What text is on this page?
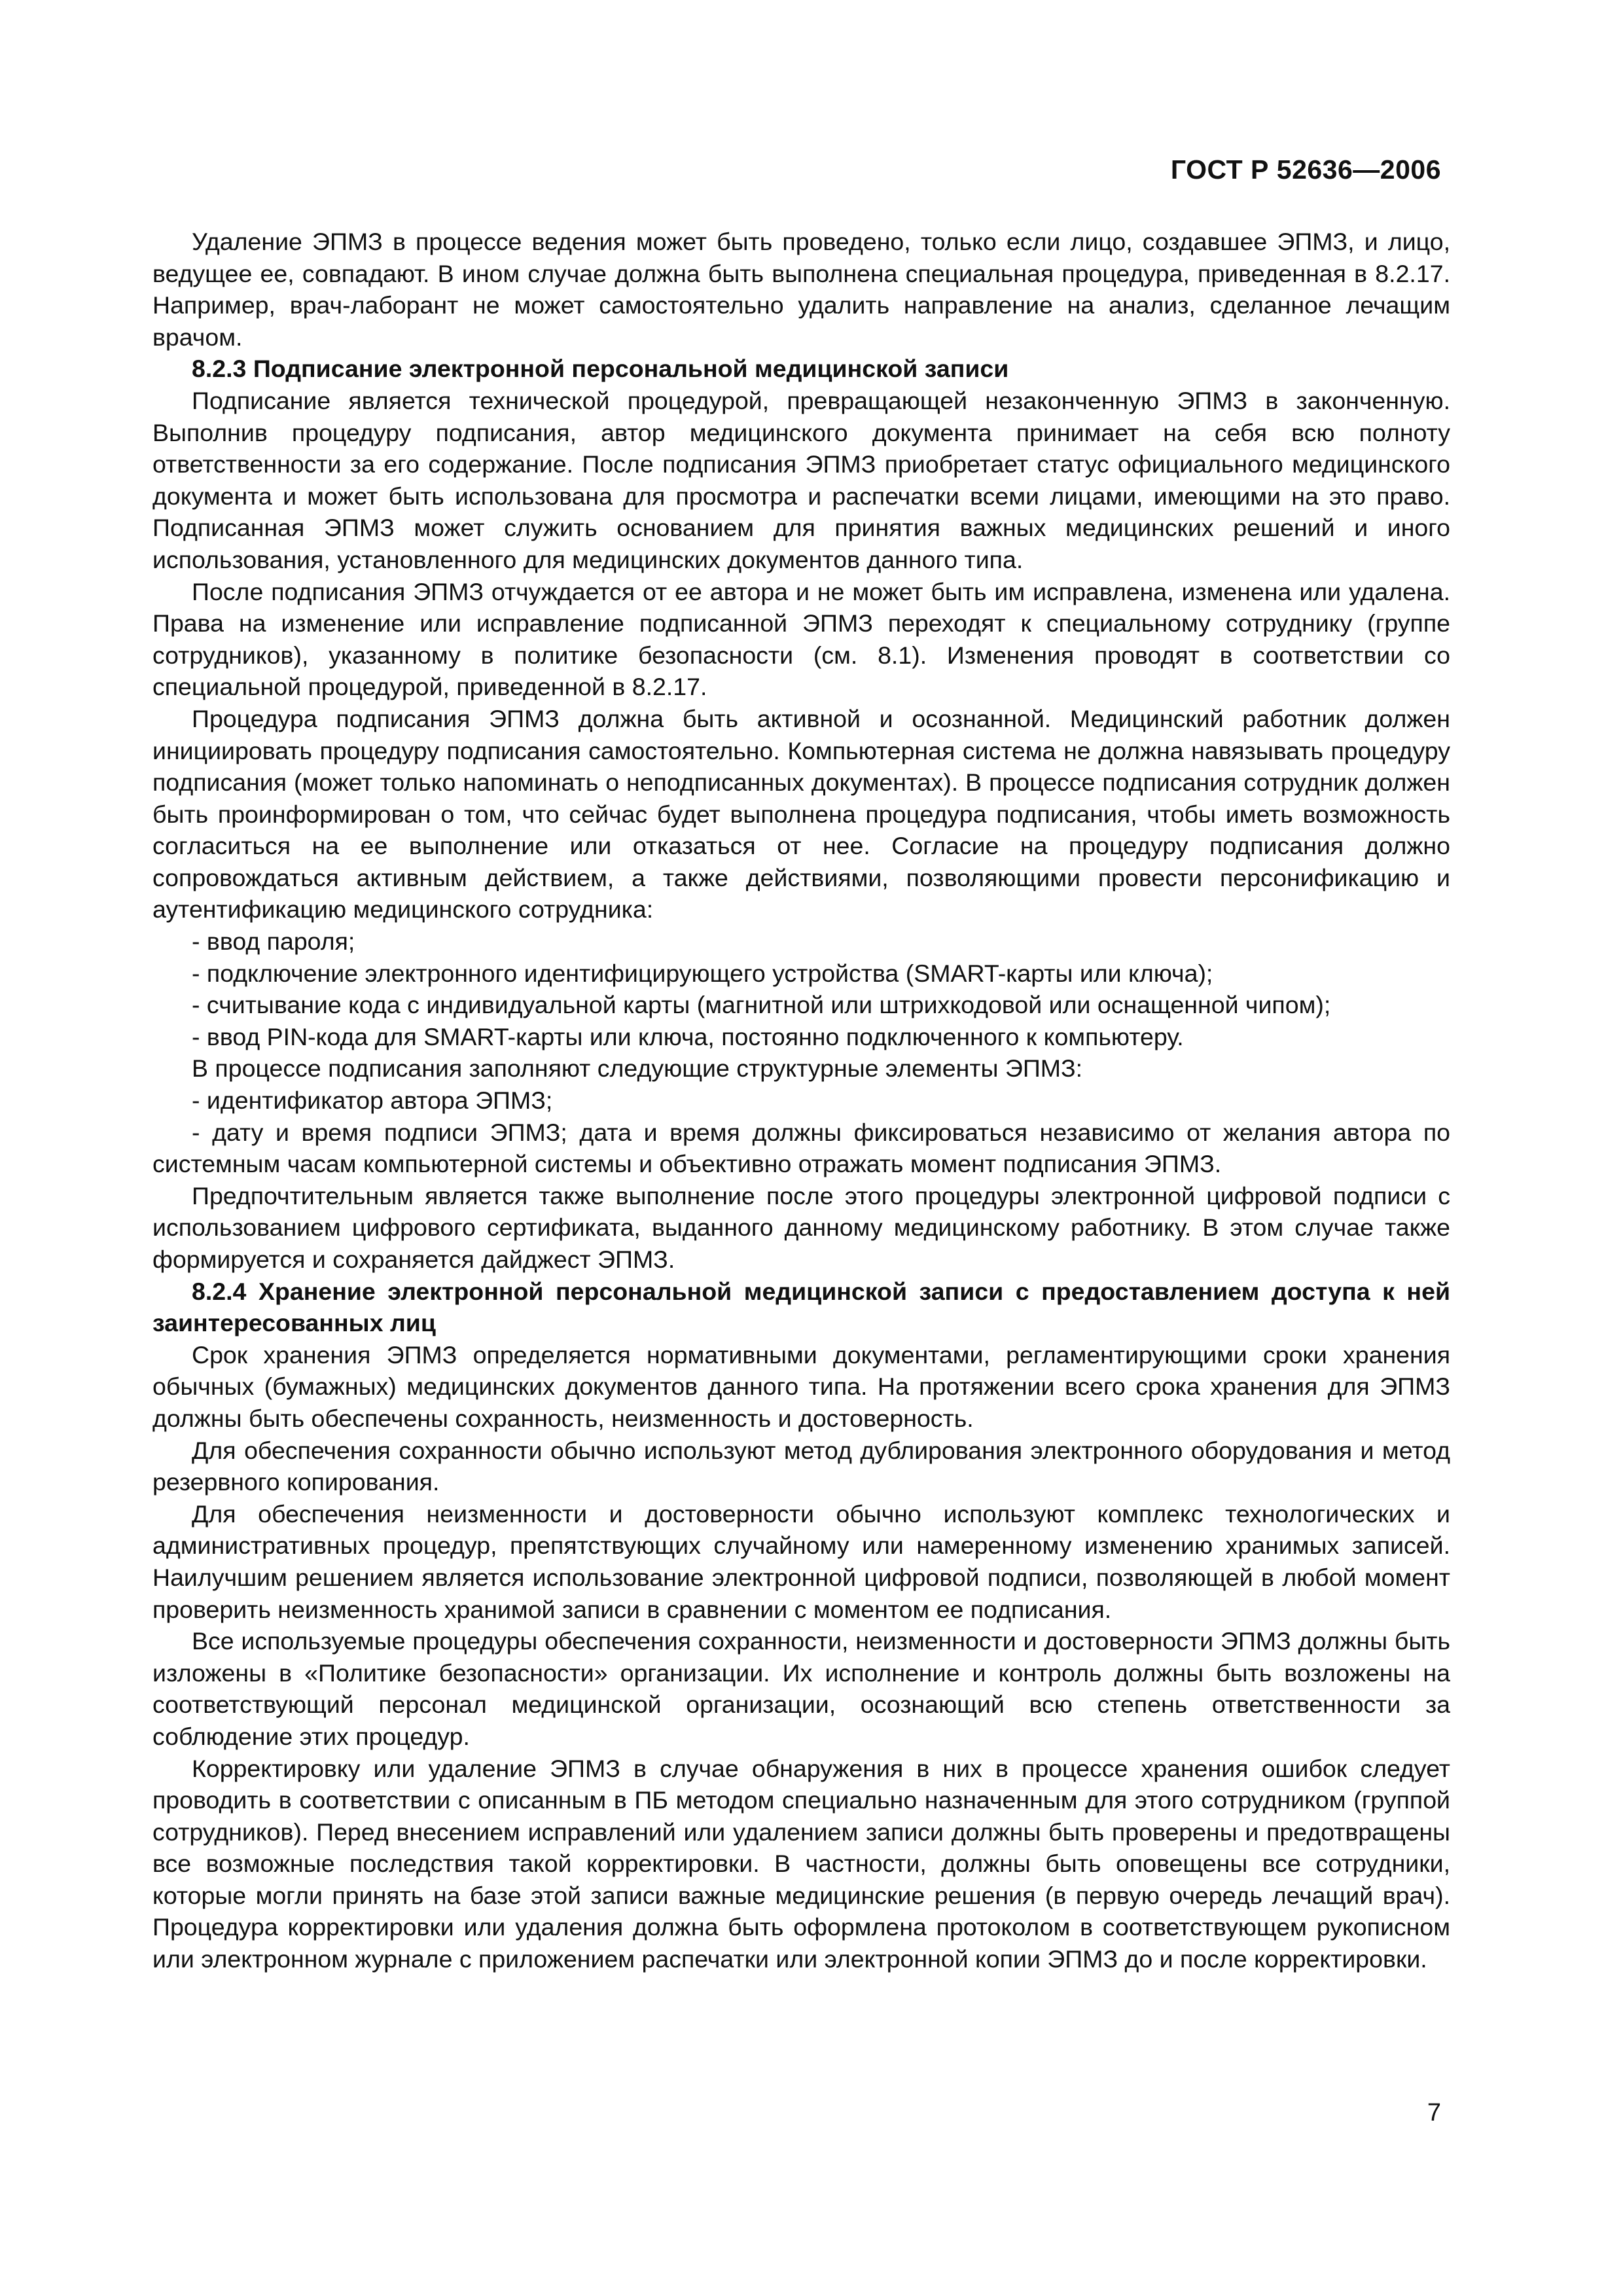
ГОСТ Р 52636—2006

Удаление ЭПМЗ в процессе ведения может быть проведено, только если лицо, создавшее ЭПМЗ, и лицо, ведущее ее, совпадают. В ином случае должна быть выполнена специальная процедура, приведенная в 8.2.17. Например, врач-лаборант не может самостоятельно удалить направление на анализ, сделанное лечащим врачом.

8.2.3 Подписание электронной персональной медицинской записи

Подписание является технической процедурой, превращающей незаконченную ЭПМЗ в законченную. Выполнив процедуру подписания, автор медицинского документа принимает на себя всю полноту ответственности за его содержание. После подписания ЭПМЗ приобретает статус официального медицинского документа и может быть использована для просмотра и распечатки всеми лицами, имеющими на это право. Подписанная ЭПМЗ может служить основанием для принятия важных медицинских решений и иного использования, установленного для медицинских документов данного типа.

После подписания ЭПМЗ отчуждается от ее автора и не может быть им исправлена, изменена или удалена. Права на изменение или исправление подписанной ЭПМЗ переходят к специальному сотруднику (группе сотрудников), указанному в политике безопасности (см. 8.1). Изменения проводят в соответствии со специальной процедурой, приведенной в 8.2.17.

Процедура подписания ЭПМЗ должна быть активной и осознанной. Медицинский работник должен инициировать процедуру подписания самостоятельно. Компьютерная система не должна навязывать процедуру подписания (может только напоминать о неподписанных документах). В процессе подписания сотрудник должен быть проинформирован о том, что сейчас будет выполнена процедура подписания, чтобы иметь возможность согласиться на ее выполнение или отказаться от нее. Согласие на процедуру подписания должно сопровождаться активным действием, а также действиями, позволяющими провести персонификацию и аутентификацию медицинского сотрудника:

- ввод пароля;

- подключение электронного идентифицирующего устройства (SMART-карты или ключа);

- считывание кода с индивидуальной карты (магнитной или штрихкодовой или оснащенной чипом);

- ввод PIN-кода для SMART-карты или ключа, постоянно подключенного к компьютеру.

В процессе подписания заполняют следующие структурные элементы ЭПМЗ:

- идентификатор автора ЭПМЗ;

- дату и время подписи ЭПМЗ; дата и время должны фиксироваться независимо от желания автора по системным часам компьютерной системы и объективно отражать момент подписания ЭПМЗ.

Предпочтительным является также выполнение после этого процедуры электронной цифровой подписи с использованием цифрового сертификата, выданного данному медицинскому работнику. В этом случае также формируется и сохраняется дайджест ЭПМЗ.

8.2.4 Хранение электронной персональной медицинской записи с предоставлением доступа к ней заинтересованных лиц

Срок хранения ЭПМЗ определяется нормативными документами, регламентирующими сроки хранения обычных (бумажных) медицинских документов данного типа. На протяжении всего срока хранения для ЭПМЗ должны быть обеспечены сохранность, неизменность и достоверность.

Для обеспечения сохранности обычно используют метод дублирования электронного оборудования и метод резервного копирования.

Для обеспечения неизменности и достоверности обычно используют комплекс технологических и административных процедур, препятствующих случайному или намеренному изменению хранимых записей. Наилучшим решением является использование электронной цифровой подписи, позволяющей в любой момент проверить неизменность хранимой записи в сравнении с моментом ее подписания.

Все используемые процедуры обеспечения сохранности, неизменности и достоверности ЭПМЗ должны быть изложены в «Политике безопасности» организации. Их исполнение и контроль должны быть возложены на соответствующий персонал медицинской организации, осознающий всю степень ответственности за соблюдение этих процедур.

Корректировку или удаление ЭПМЗ в случае обнаружения в них в процессе хранения ошибок следует проводить в соответствии с описанным в ПБ методом специально назначенным для этого сотрудником (группой сотрудников). Перед внесением исправлений или удалением записи должны быть проверены и предотвращены все возможные последствия такой корректировки. В частности, должны быть оповещены все сотрудники, которые могли принять на базе этой записи важные медицинские решения (в первую очередь лечащий врач). Процедура корректировки или удаления должна быть оформлена протоколом в соответствующем рукописном или электронном журнале с приложением распечатки или электронной копии ЭПМЗ до и после корректировки.

7
